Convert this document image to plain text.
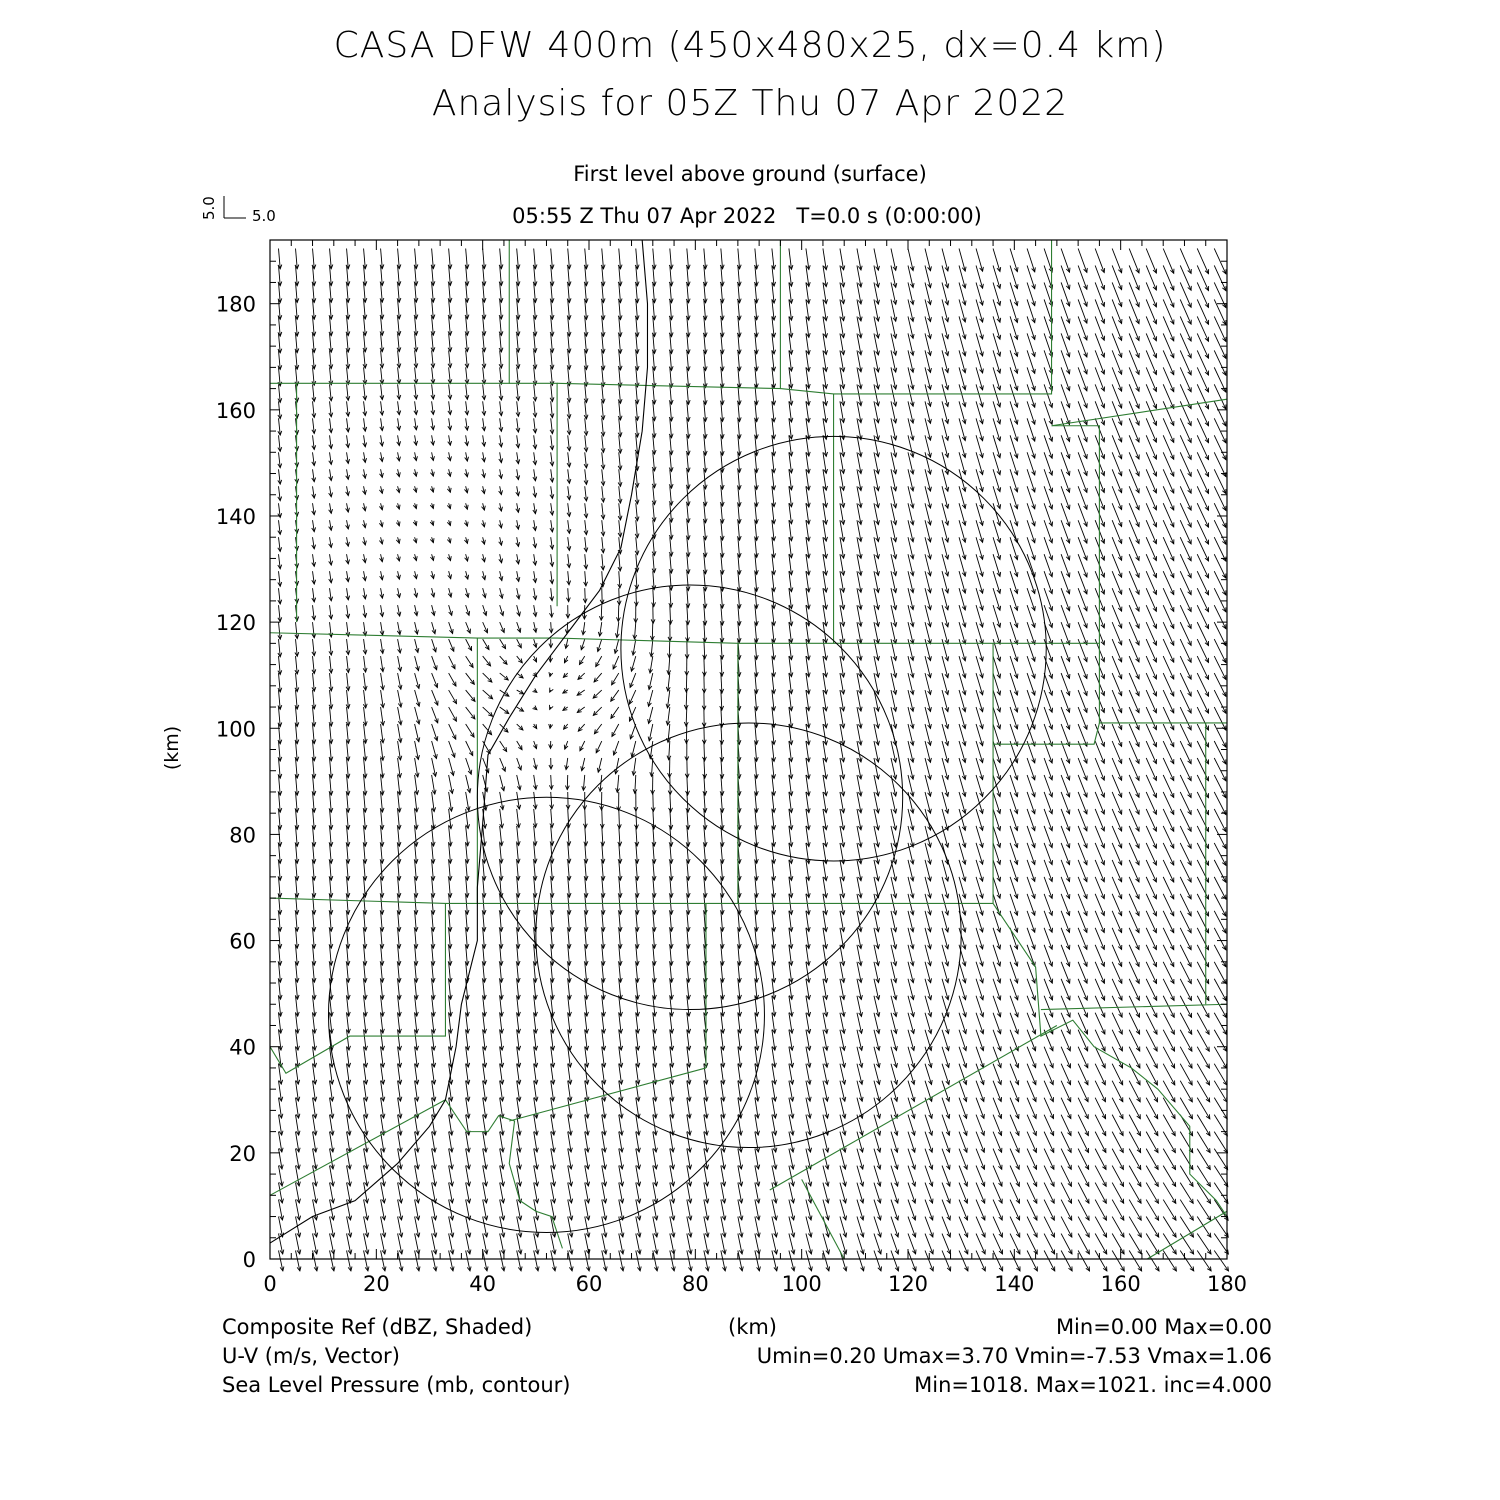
0	20	40	60	80	100	120	140	160	180
0
20
40
60
80
100
120
140
160
180
(km)
5.0
5.0
CASA DFW 400m (450x480x25, dx=0.4 km)
Analysis for 05Z Thu 07 Apr 2022
First level above ground (surface)
05:55 Z Thu 07 Apr 2022   T=0.0 s (0:00:00)
Composite Ref (dBZ, Shaded)	(km)	Min=0.00 Max=0.00
U-V (m/s, Vector)	Umin=0.20 Umax=3.70 Vmin=-7.53 Vmax=1.06
Sea Level Pressure (mb, contour)	Min=1018. Max=1021. inc=4.000
